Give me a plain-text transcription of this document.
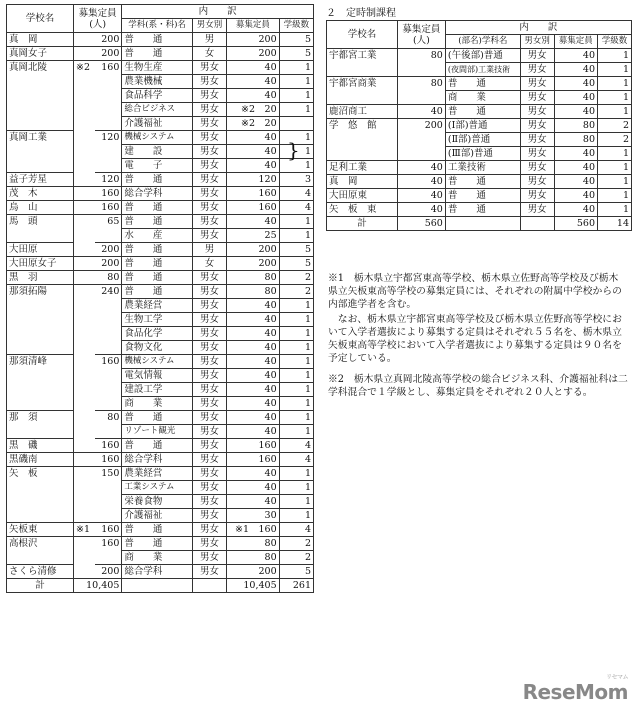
学校名	募集定員
(人)		内　　訳			
			学科(系・科)名	男女別	募集定員	学級数
真　岡		200	普　　通	男	200	5
真岡女子		200	普　　通	女	200	5
真岡北陵	※2	160	生物生産	男女	40	1
			農業機械	男女	40	1
			食品科学	男女	40	1
			総合ビジネス	男女	※2　20	1
			介護福祉	男女	※2　20	
真岡工業		120	機械システム	男女	40	1
			建　　設	男女	40	1
			電　　子	男女	40	1
益子芳星		120	普　　通	男女	120	3
茂　木		160	総合学科	男女	160	4
烏　山		160	普　　通	男女	160	4
馬　頭		65	普　　通	男女	40	1
			水　　産	男女	25	1
大田原		200	普　　通	男	200	5
大田原女子		200	普　　通	女	200	5
黒　羽		80	普　　通	男女	80	2
那須拓陽		240	普　　通	男女	80	2
			農業経営	男女	40	1
			生物工学	男女	40	1
			食品化学	男女	40	1
			食物文化	男女	40	1
那須清峰		160	機械システム	男女	40	1
			電気情報	男女	40	1
			建設工学	男女	40	1
			商　　業	男女	40	1
那　須		80	普　　通	男女	40	1
			リゾート観光	男女	40	1
黒　磯		160	普　　通	男女	160	4
黒磯南		160	総合学科	男女	160	4
矢　板		150	農業経営	男女	40	1
			工業システム	男女	40	1
			栄養食物	男女	40	1
			介護福祉	男女	30	1
矢板東	※1	160	普　　通	男女	※1　160	4
高根沢		160	普　　通	男女	80	2
			商　　業	男女	80	2
さくら清修		200	総合学科	男女	200	5
計	10,405				10,405	261
}
２　定時制課程
学校名	募集定員
(人)	内　　訳			
		(部名)学科名	男女別	募集定員	学級数
宇都宮工業	80	(午後部)普通	男女	40	1
		(夜間部)工業技術	男女	40	1
宇都宮商業	80	普　　通	男女	40	1
		商　　業	男女	40	1
鹿沼商工	40	普　　通	男女	40	1
学　悠　館	200	(Ⅰ部)普通	男女	80	2
		(Ⅱ部)普通	男女	80	2
		(Ⅲ部)普通	男女	40	1
足利工業	40	工業技術	男女	40	1
真　岡	40	普　　通	男女	40	1
大田原東	40	普　　通	男女	40	1
矢　板　東	40	普　　通	男女	40	1
計	560			560	14

※1　栃木県立宇都宮東高等学校、栃木県立佐野高等学校及び栃木県立矢板東高等学校の募集定員には、それぞれの附属中学校からの内部進学者を含む。

　なお、栃木県立宇都宮東高等学校及び栃木県立佐野高等学校において入学者選抜により募集する定員はそれぞれ５５名を、栃木県立矢板東高等学校において入学者選抜により募集する定員は９０名を予定している。

※2　栃木県立真岡北陵高等学校の総合ビジネス科、介護福祉科は二学科混合で１学級とし、募集定員をそれぞれ２０人とする。

リセマム
ReseMom
